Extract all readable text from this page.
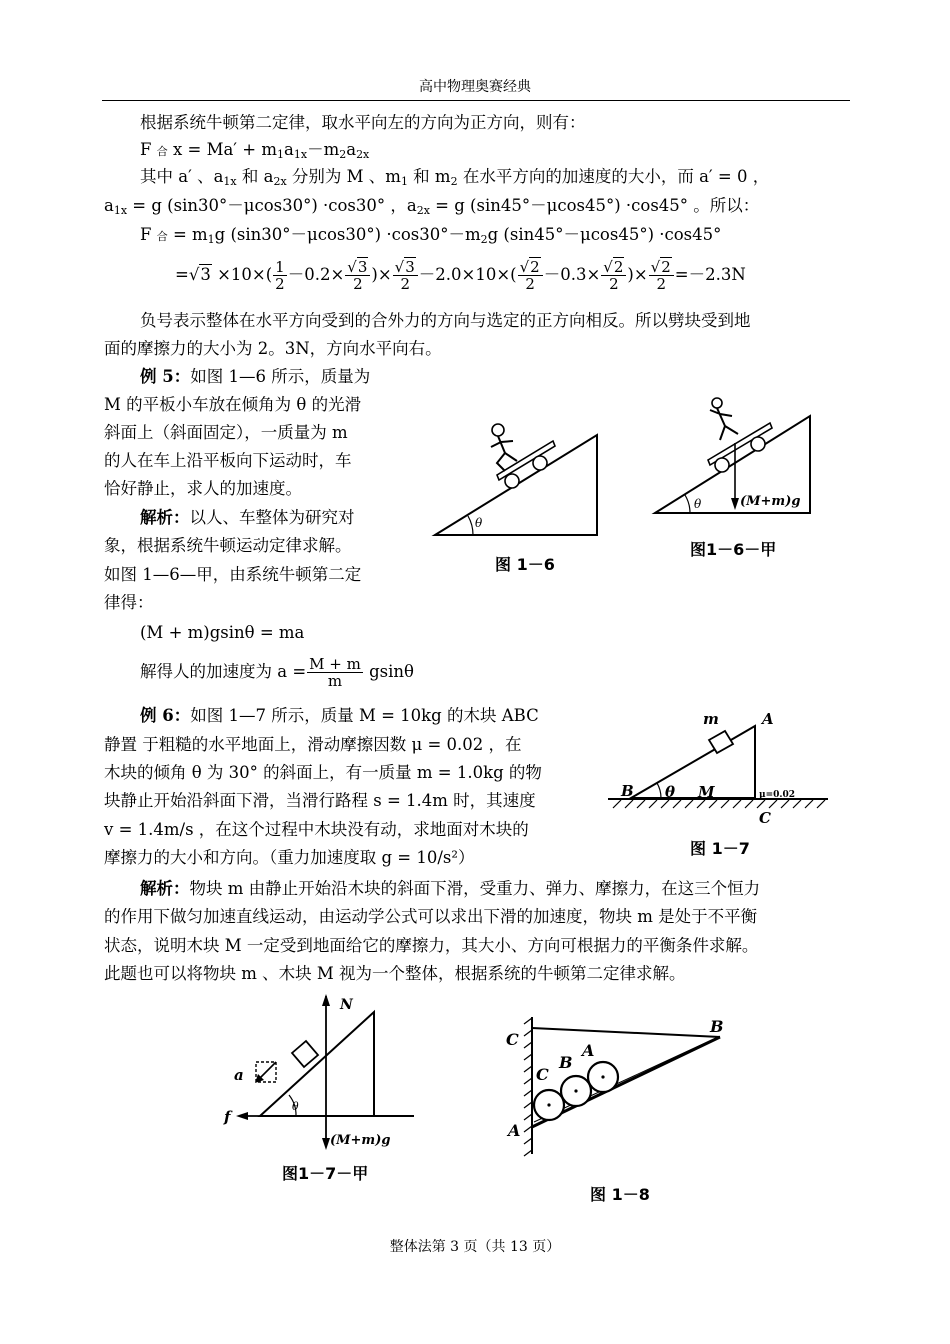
高中物理奥赛经典
根据系统牛顿第二定律，取水平向左的方向为正方向，则有：
F 合 $x = Ma' + m_1a_{1x}-m_2a_{2x}$
其中 a′ 、$a_{1x}$ 和 $a_{2x}$ 分别为 M 、$m_1$ 和 $m_2$ 在水平方向的加速度的大小，而 a′ = 0 ，
$a_{1x} = g$ (sin30°－μcos30°) ·cos30° ，$a_{2x} = g$ (sin45°－μcos45°) ·cos45° 。所以：
F 合 = $m_1g$ $(\sin 30^\circ-\mu\cos 30^\circ) \cdot\cos 30^\circ-m_2g$ (sin45°－μcos45°) ·cos45°
$=√3 \times 10\times( \frac{1}{2} -0.2\times \frac{√3}{2}$ )× $\frac{√3}{2} -2.0\times 10\times( \frac{√2}{2} -0.3\times \frac{√2}{2}$ )× $\frac{√2}{2} =-2.3N$
负号表示整体在水平方向受到的合外力的方向与选定的正方向相反。所以劈块受到地
面的摩擦力的大小为 2。3N，方向水平向右。
例 5：如图 1—6 所示，质量为
M 的平板小车放在倾角为 θ 的光滑
斜面上（斜面固定），一质量为 m
的人在车上沿平板向下运动时，车
恰好静止，求人的加速度。
解析：以人、车整体为研究对
象，根据系统牛顿运动定律求解。
如图 1—6—甲，由系统牛顿第二定
律得：
(M + m)gsinθ = ma
解得人的加速度为 $a = \frac{M + m}{m}$ gsinθ
例 6：如图 1—7 所示，质量 M = 10kg 的木块 ABC
静置 于粗糙的水平地面上，滑动摩擦因数 μ = 0.02 ，在
木块的倾角 θ 为 30° 的斜面上，有一质量 m = 1.0kg 的物
块静止开始沿斜面下滑，当滑行路程 s = 1.4m 时，其速度
v = 1.4m/s ，在这个过程中木块没有动，求地面对木块的
摩擦力的大小和方向。（重力加速度取 g = 10/s²）
解析：物块 m 由静止开始沿木块的斜面下滑，受重力、弹力、摩擦力，在这三个恒力
的作用下做匀加速直线运动，由运动学公式可以求出下滑的加速度，物块 m 是处于不平衡
状态，说明木块 M 一定受到地面给它的摩擦力，其大小、方向可根据力的平衡条件求解。
此题也可以将物块 m 、木块 M 视为一个整体，根据系统的牛顿第二定律求解。
θ
图 1－6
θ	(M+m)g
图1－6－甲
m	A
B θ M	μ=0.02
C
图 1－7
N
a
f
θ
(M+m)g
图1－7－甲
C
B
C
B
A
A
图 1－8
整体法第 3 页（共 13 页）
